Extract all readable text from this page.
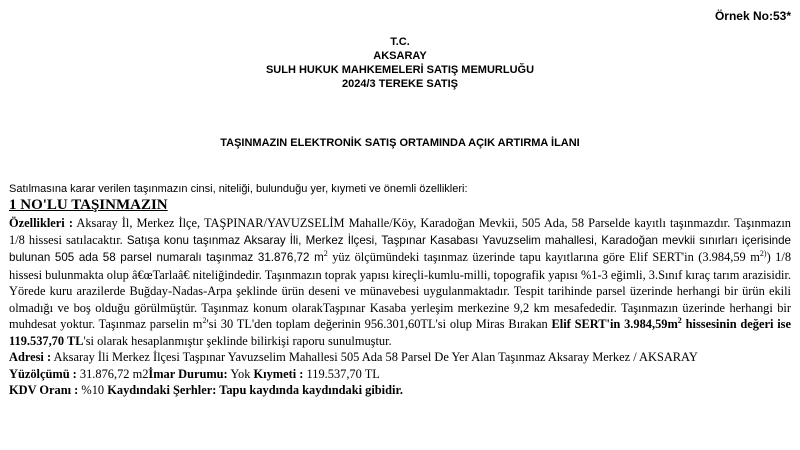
Örnek No:53*
T.C.
AKSARAY
SULH HUKUK MAHKEMELERİ SATIŞ MEMURLUĞU
2024/3 TEREKE SATIŞ
TAŞINMAZIN ELEKTRONİK SATIŞ ORTAMINDA AÇIK ARTIRMA İLANI
Satılmasına karar verilen taşınmazın cinsi, niteliği, bulunduğu yer, kıymeti ve önemli özellikleri:
1 NO'LU TAŞINMAZIN

Özellikleri : Aksaray İl, Merkez İlçe, TAŞPINAR/YAVUZSELİM Mahalle/Köy, Karadoğan Mevkii, 505 Ada, 58 Parselde kayıtlı taşınmazdır. Taşınmazın 1/8 hissesi satılacaktır. Satışa konu taşınmaz Aksaray İli, Merkez İlçesi, Taşpınar Kasabası Yavuzselim mahallesi, Karadoğan mevkii sınırları içerisinde bulunan 505 ada 58 parsel numaralı taşınmaz 31.876,72 $m^2$ yüz ölçümündeki taşınmaz üzerinde tapu kayıtlarına göre Elif SERT'in (3.984,59 $m^{2)}$) 1/8 hissesi bulunmakta olup â€œTarlaâ€ niteliğindedir. Taşınmazın toprak yapısı kireçli-kumlu-milli, topografik yapısı %1-3 eğimli, 3.Sınıf kıraç tarım arazisidir. Yörede kuru arazilerde Buğday-Nadas-Arpa şeklinde ürün deseni ve münavebesi uygulanmaktadır. Tespit tarihinde parsel üzerinde herhangi bir ürün ekili olmadığı ve boş olduğu görülmüştür. Taşınmaz konum olarakTaşpınar Kasaba yerleşim merkezine 9,2 km mesafededir. Taşınmazın üzerinde herhangi bir muhdesat yoktur. Taşınmaz parselin $m^2'si$ 30 TL'den toplam değerinin 956.301,60TL'si olup Miras Bırakan Elif SERT'in $3.984,59m^2$ hissesinin değeri ise 119.537,70 TL'si olarak hesaplanmıştır şeklinde bilirkişi raporu sunulmuştur.

Adresi : Aksaray İli Merkez İlçesi Taşpınar Yavuzselim Mahallesi 505 Ada 58 Parsel De Yer Alan Taşınmaz Aksaray Merkez / AKSARAY

Yüzölçümü : 31.876,72 m2İmar Durumu: Yok Kıymeti : 119.537,70 TL

KDV Oranı : %10 Kaydındaki Şerhler: Tapu kaydında kaydındaki gibidir.
